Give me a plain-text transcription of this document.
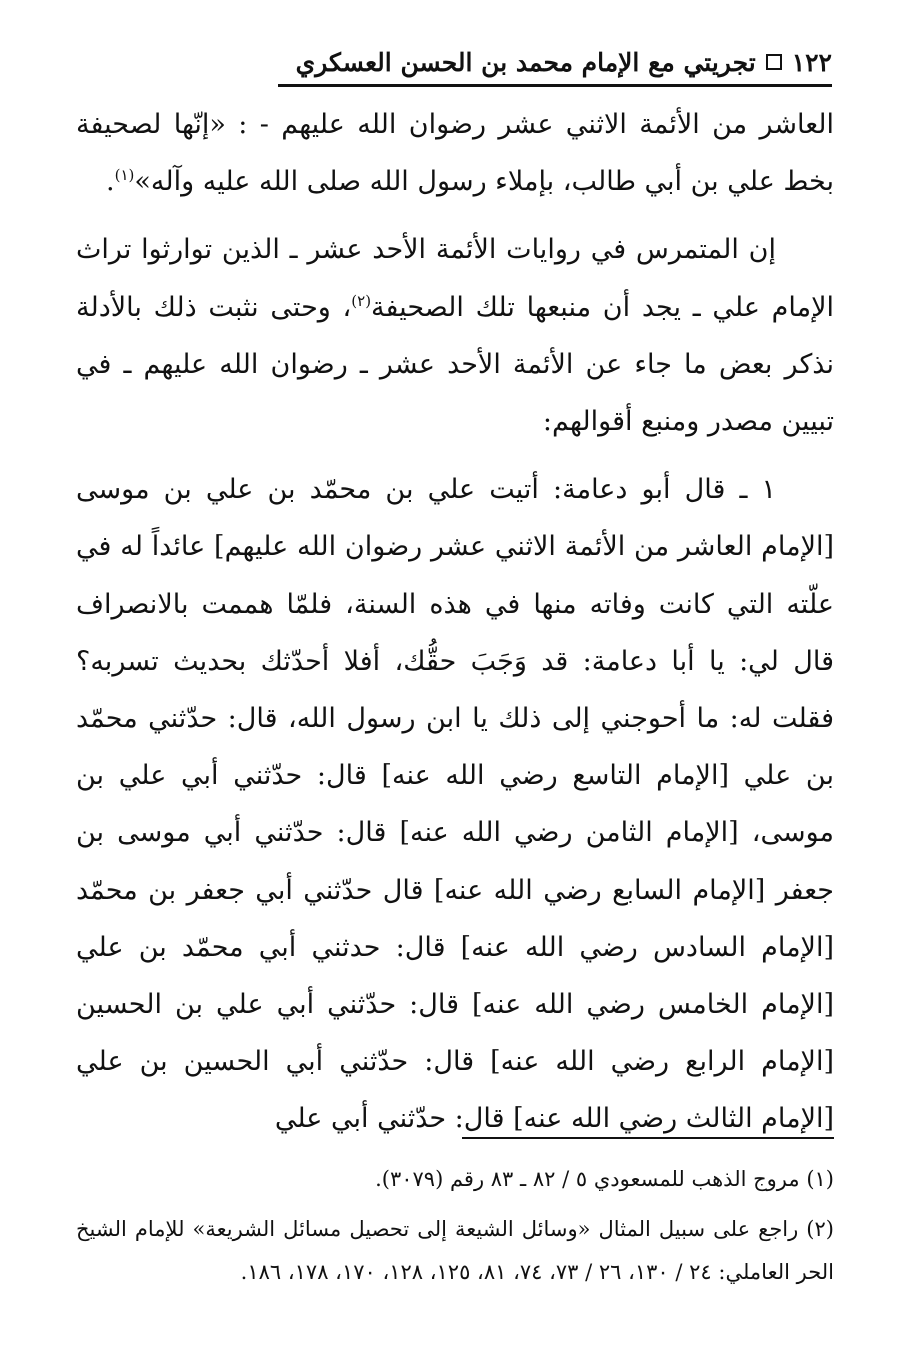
١٢٢
تجريتي مع الإمام محمد بن الحسن العسكري

العاشر من الأئمة الاثني عشر رضوان الله عليهم - : «إنّها لصحيفة بخط علي بن أبي طالب، بإملاء رسول الله صلى الله عليه وآله»$^{(١)}$.

إن المتمرس في روايات الأئمة الأحد عشر ـ الذين توارثوا تراث الإمام علي ـ يجد أن منبعها تلك الصحيفة$^{(٢)}$، وحتى نثبت ذلك بالأدلة نذكر بعض ما جاء عن الأئمة الأحد عشر ـ رضوان الله عليهم ـ في تبيين مصدر ومنبع أقوالهم:

١ ـ قال أبو دعامة: أتيت علي بن محمّد بن علي بن موسى [الإمام العاشر من الأئمة الاثني عشر رضوان الله عليهم] عائداً له في علّته التي كانت وفاته منها في هذه السنة، فلمّا هممت بالانصراف قال لي: يا أبا دعامة: قد وَجَبَ حقُّك، أفلا أحدّثك بحديث تسربه؟ فقلت له: ما أحوجني إلى ذلك يا ابن رسول الله، قال: حدّثني محمّد بن علي [الإمام التاسع رضي الله عنه] قال: حدّثني أبي علي بن موسى، [الإمام الثامن رضي الله عنه] قال: حدّثني أبي موسى بن جعفر [الإمام السابع رضي الله عنه] قال حدّثني أبي جعفر بن محمّد [الإمام السادس رضي الله عنه] قال: حدثني أبي محمّد بن علي [الإمام الخامس رضي الله عنه] قال: حدّثني أبي علي بن الحسين [الإمام الرابع رضي الله عنه] قال: حدّثني أبي الحسين بن علي [الإمام الثالث رضي الله عنه] قال: حدّثني أبي علي

(١) مروج الذهب للمسعودي ٥ / ٨٢ ـ ٨٣ رقم (٣٠٧٩).

(٢) راجع على سبيل المثال «وسائل الشيعة إلى تحصيل مسائل الشريعة» للإمام الشيخ الحر العاملي: ٢٤ / ١٣٠، ٢٦ / ٧٣، ٧٤، ٨١، ١٢٥، ١٢٨، ١٧٠، ١٧٨، ١٨٦.
